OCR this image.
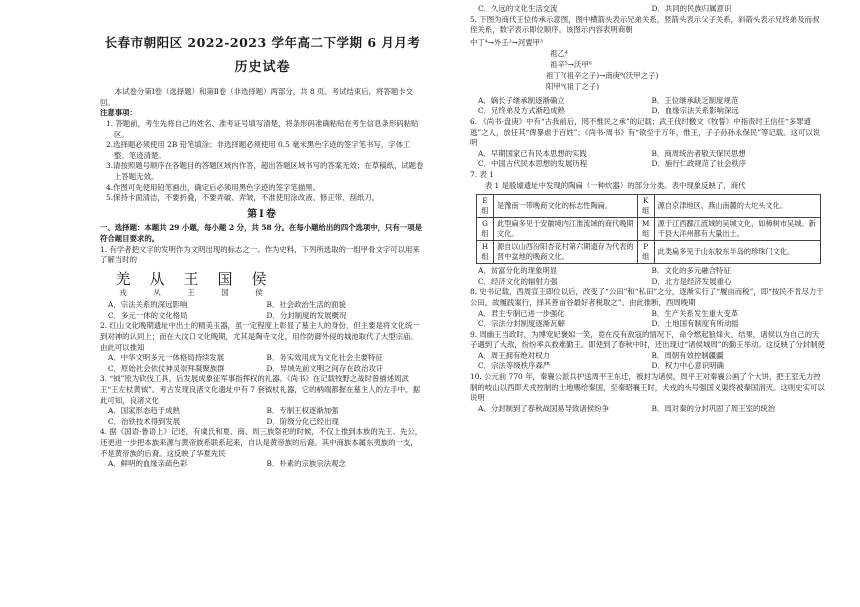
长春市朝阳区 2022-2023 学年高二下学期 6 月月考
历史试卷
本试卷分第Ⅰ卷（选择题）和第Ⅱ卷（非选择题）两部分，共 8 页。考试结束后，将答题卡交回。
注意事项：
1. 答题前，考生先将自己的姓名、准考证号填写清楚，将条形码准确粘贴在考生信息条形码粘贴区。
2.选择题必须使用 2B 铅笔填涂；非选择题必须使用 0.5 毫米黑色字迹的签字笔书写，字体工整、笔迹清楚。
3.请按照题号顺序在各题目的答题区域内作答，超出答题区域书写的答案无效；在草稿纸、试题卷上答题无效。
4.作图可先使用铅笔画出，确定后必须用黑色字迹的签字笔描黑。
5.保持卡面清洁，不要折叠，不要弄破、弄皱，不准使用涂改液、修正带、刮纸刀。
第Ⅰ卷
一、选择题：本题共 29 小题，每小题 2 分，共 58 分。在每小题给出的四个选项中，只有一项是符合题目要求的。
1. 有学者把文字的发明作为文明出现的标志之一。作为史料，下列所选取的一组甲骨文字可以用来了解当时的
羌 从 王 国 侯
戎	从	王	国	侯
A．宗法关系的深远影响	B．社会政治生活的面貌
C．多元一体的文化格局	D．分封制度的发展概况
2. 红山文化晚期遗址中出土的精美玉器，虽一定程度上彰显了墓主人的身份，但主要是将文化统一到对神的认同上；而在大汶口文化晚期，尤其是陶寺文化，用作防御外侵的城池取代了大型宗庙。由此可以推知
A．中华文明多元一体格局持续发展	B．务实效用成为文化社会主要特征
C．原始社会依仗神灵崇拜凝聚族群	D．异域先前文明之间存在政治攻讦
3. “钺”原为砍伐工具，后发展成象征军事指挥权的礼器。《尚书》在记载牧野之战时曾描述周武王“王左杖黄钺”。考古发现良渚文化遗址中有 7 套钺杖礼器，它的柄端都握在墓主人的左手中。据此可知，良渚文化
A．国家形态趋于成熟	B．专制王权逐渐加强
C．治铁技术得到发展	D．阶级分化已经出现
4. 据《国语·鲁语上》记述，有虞氏和夏、商、周三族祭祀的时候，不仅上推到本族的先王、先公，还更进一步把本族来源与黄帝族系联系起来，自认是黄帝族的后裔。其中商族本属东夷族的一支，不是黄帝族的后裔。这反映了华夏先民
A．鲜明的血缘亲疏色彩	B．朴素的宗族宗法观念
C．久远的文化生活交流	D．共同的民族归属意识
5. 下图为商代王位传承示意图，图中横箭头表示兄弟关系，竖箭头表示父子关系，斜箭头表示兄终弟及而叔侄关系，数字表示即位顺序。该图示内容表明商朝
中丁⁴→外壬²→河亶甲³
祖乙⁴
祖辛⁵→沃甲⁶
祖丁⁷(祖辛之子)→南庚⁸(沃甲之子)
阳甲⁹(祖丁之子)
A．嫡长子继承制逐渐确立	B．王位继承缺乏制度规范
C．兄终弟及方式渐趋成熟	D．血缘宗法关系影响深远
6. 《尚书·盘庚》中有“古我前后，罔不惟民之承”的记载；武王伐纣檄文《牧誓》中指责纣王信任“多罪逋逃”之人，放任其“俾暴虐于百姓”；《尚书·周书》有“欲至于万年，惟王，子子孙孙永保民”等记载。这可以说明
A．早期国家已有民本思想的实践	B．商周统治者敬天保民思想
C．中国古代民本思想的发展历程	D．施行仁政规范了社会秩序
7. 表 1
表 1 是殷墟遗址中发现的陶扁（一种炊器）的部分分类。表中现象反映了，商代
E 组	是豫南一带晚商文化的标志性陶扁。	K 组	源自京津地区、燕山南麓的大坨头文化。
G 组	此型扁多见于安徽境内江淮流域的商代晚期文化。	M 组	源于江西鄱江流域的吴城文化，如樟树市吴城、新干县大洋州都有大量出土。
H 组	源自以山西汾阳杏花村第六期遗存为代表的晋中盆地的晚商文化。	P 组	此类扁多见于山东胶东半岛的珍珠门文化。
A．贫富分化的现象明显	B．文化的多元融合特征
C．经济文化的辐射力强	D．北方是经济发展重心
8. 史书记载，西周宣王即位以后，改变了“公田”和“私田”之分，逐渐实行了“履亩而税”，即“按民不肯尽力于公田，故履践案行，择其善亩谷最好者税取之”。由此推断，西周晚期
A．君主专制已进一步强化	B．生产关系发生重大变革
C．宗法分封制度逐渐瓦解	D．土地国有制度有所动摇
9. 周幽王当政时，为博宠妃褒姒一笑，竟在没有敌寇的情况下，命令燃起狼烽火。结果，诸侯以为自己的天子遇到了大敌，纷纷率兵救难勤王。即使到了春秋中时，还出现过“诸侯城周”的勤王举动。这反映了分封制使
A．周王拥有绝对权力	B．周朝有效控制疆疆
C．宗法等级秩序森严	D．权力中心意识明确
10. 公元前 770 年，秦襄公派兵护送周平王东迁，被封为诸侯，周平王对秦襄公画了个大饼，把王室无力控制的岐山以西即犬戎控制的土地赐给秦国，至秦昭襄王时，犬戎的头号强国义渠终被秦国消灭。这则史实可以说明
A．分封制到了春秋战国易导致诸侯纷争	B．周对秦的分封巩固了周王室的统治
